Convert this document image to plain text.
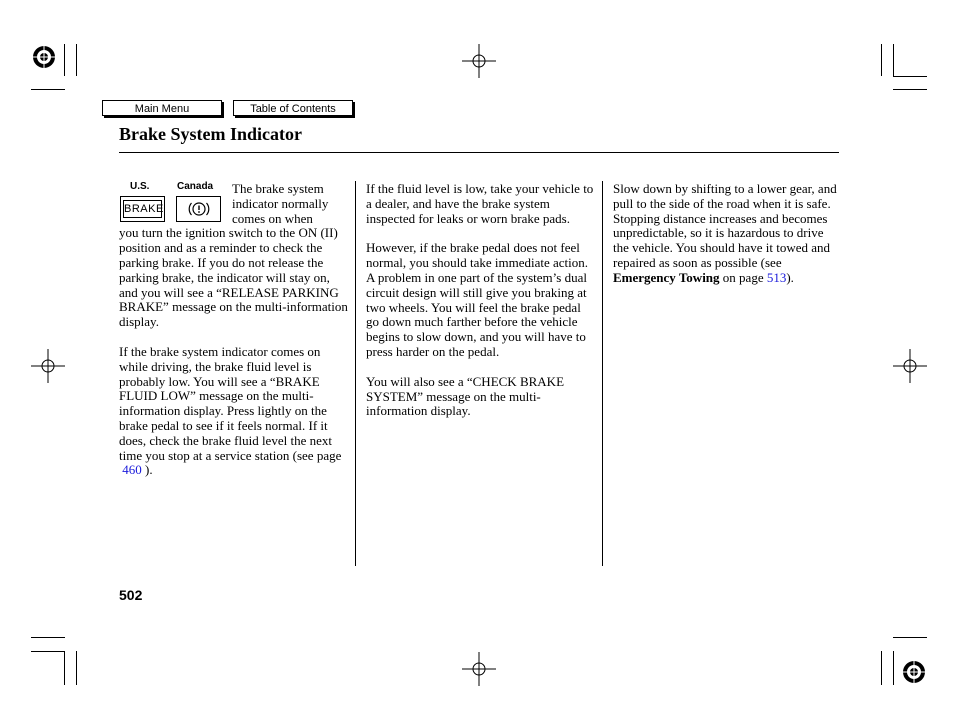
Main Menu	Table of Contents
Brake System Indicator
U.S.	Canada
BRAKE
The brake system
indicator normally
comes on when

you turn the ignition switch to the ON (II) position and as a reminder to check the parking brake. If you do not release the parking brake, the indicator will stay on, and you will see a “RELEASE PARKING BRAKE” message on the multi-information display.

If the brake system indicator comes on while driving, the brake fluid level is probably low. You will see a “BRAKE FLUID LOW” message on the multi-information display. Press lightly on the brake pedal to see if it feels normal. If it does, check the brake fluid level the next time you stop at a service station (see page
460 ).

If the fluid level is low, take your vehicle to a dealer, and have the brake system inspected for leaks or worn brake pads.

However, if the brake pedal does not feel normal, you should take immediate action. A problem in one part of the system’s dual circuit design will still give you braking at two wheels. You will feel the brake pedal go down much farther before the vehicle begins to slow down, and you will have to press harder on the pedal.

You will also see a “CHECK BRAKE SYSTEM” message on the multi-information display.

Slow down by shifting to a lower gear, and pull to the side of the road when it is safe. Stopping distance increases and becomes unpredictable, so it is hazardous to drive the vehicle. You should have it towed and repaired as soon as possible (see Emergency Towing on page 513).

502
